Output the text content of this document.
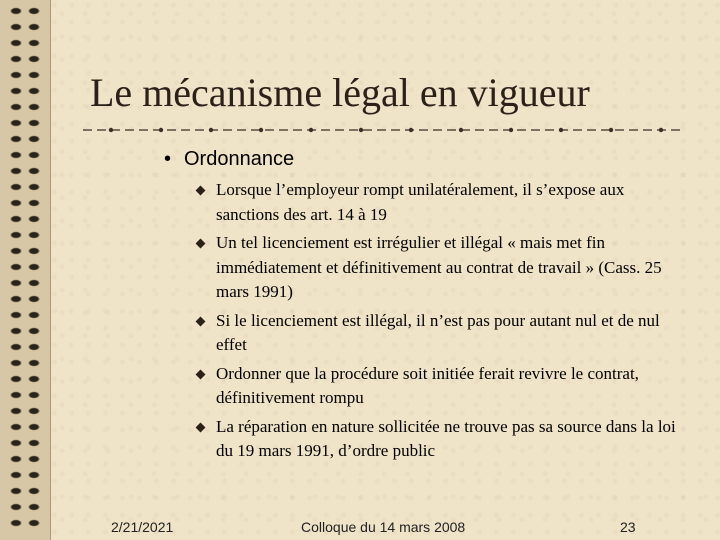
Le mécanisme légal en vigueur
• Ordonnance
Lorsque l’employeur rompt unilatéralement, il s’expose aux sanctions des art. 14 à 19
Un tel licenciement est irrégulier et illégal « mais met fin immédiatement et définitivement au contrat de travail » (Cass. 25 mars 1991)
Si le licenciement est illégal, il n’est pas pour autant nul et de nul effet
Ordonner que la procédure soit initiée ferait revivre le contrat, définitivement rompu
La réparation en nature sollicitée ne trouve pas sa source dans la loi du 19 mars 1991, d’ordre public
2/21/2021	Colloque du 14 mars 2008	23
